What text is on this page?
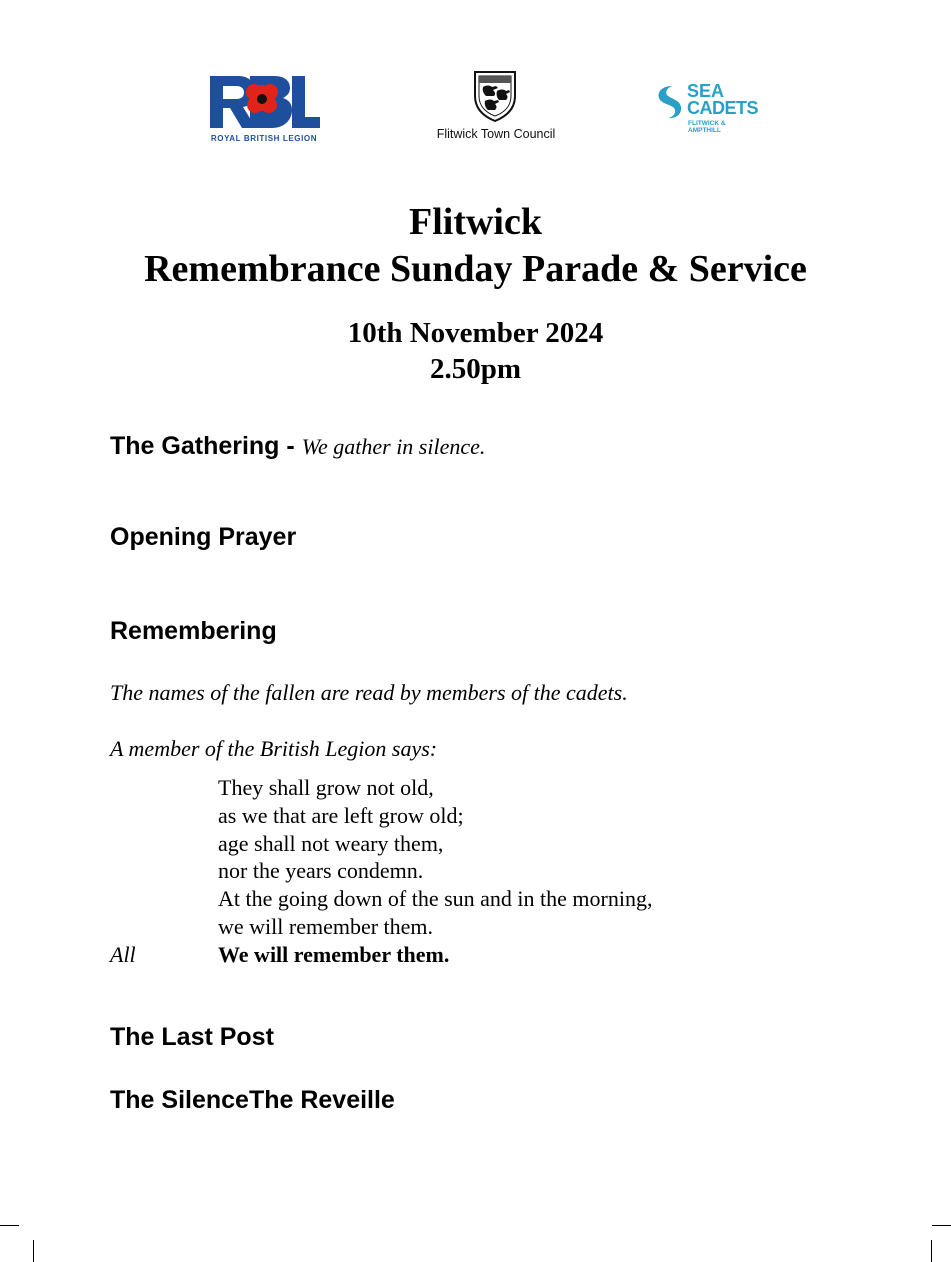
ROYAL BRITISH LEGION	Flitwick Town Council
SEA
CADETS
FLITWICK &
AMPTHILL
Flitwick
Remembrance Sunday Parade & Service
10th November 2024
2.50pm
The Gathering - We gather in silence.
Opening Prayer
Remembering
The names of the fallen are read by members of the cadets.
A member of the British Legion says:
They shall grow not old,
as we that are left grow old;
age shall not weary them,
nor the years condemn.
At the going down of the sun and in the morning,
we will remember them.
All	We will remember them.
The Last Post
The SilenceThe Reveille
